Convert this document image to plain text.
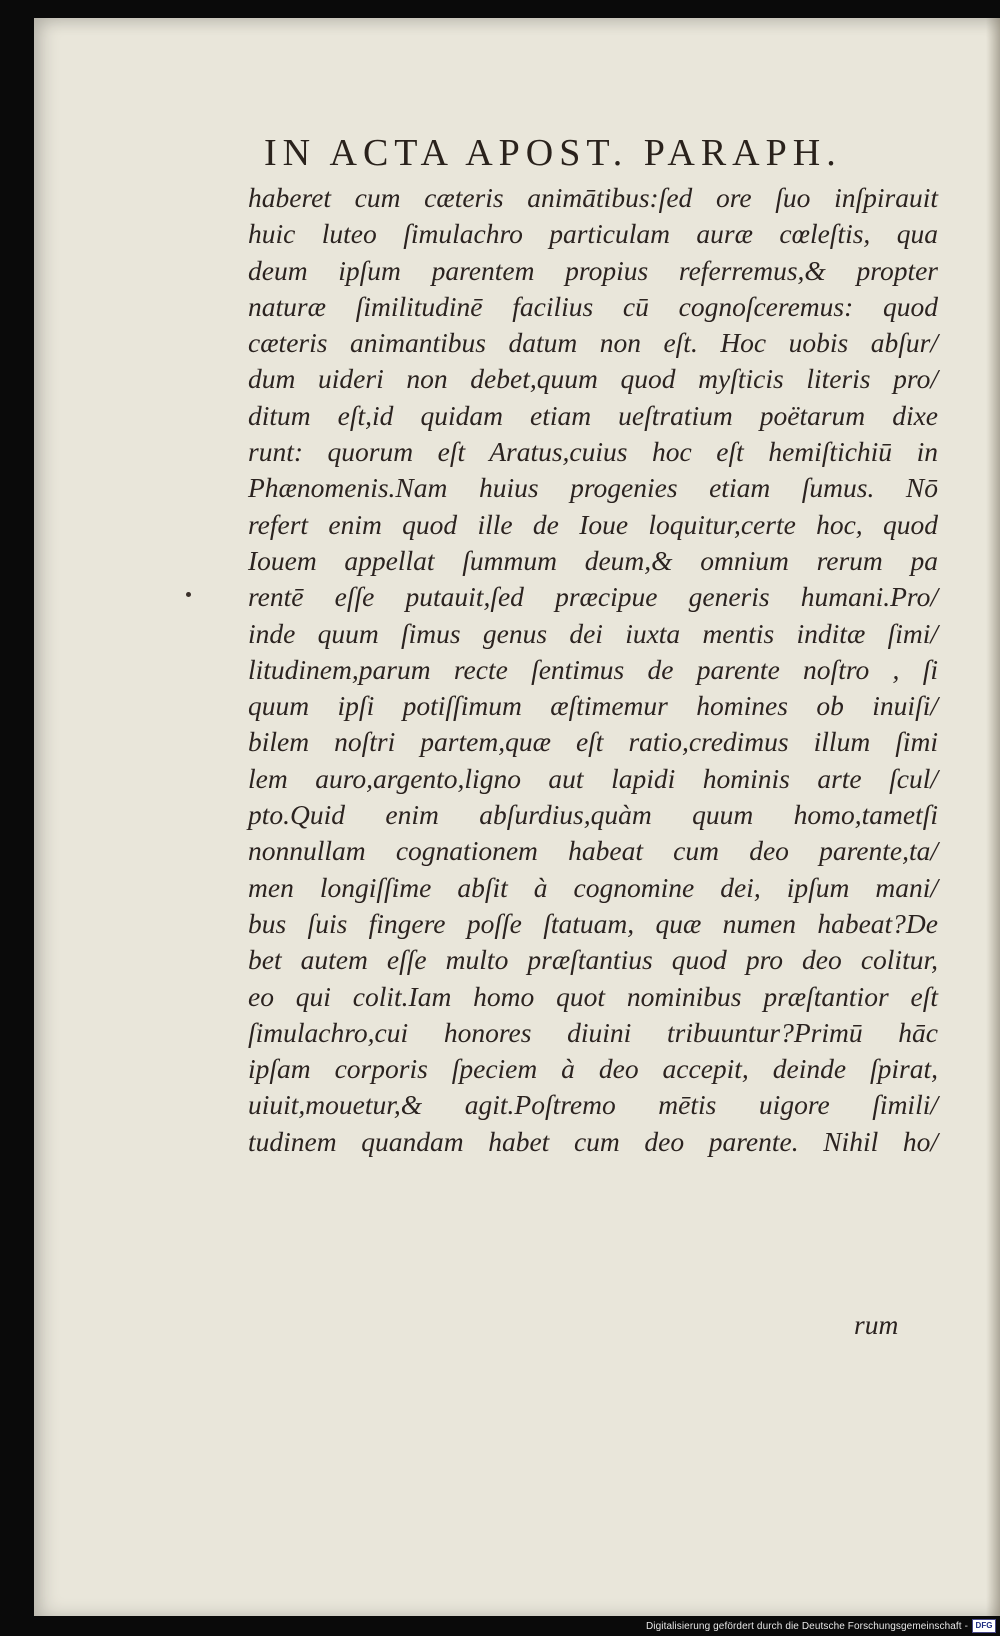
IN ACTA APOST. PARAPH.
haberet cum cæteris animātibus:ſed ore ſuo inſpirauit
huic luteo ſimulachro particulam auræ cœleſtis, qua
deum ipſum parentem propius referremus,& propter
naturæ ſimilitudinē facilius cū cognoſceremus: quod
cæteris animantibus datum non eſt. Hoc uobis abſur/
dum uideri non debet,quum quod myſticis literis pro/
ditum eſt,id quidam etiam ueſtratium poëtarum dixe
runt: quorum eſt Aratus,cuius hoc eſt hemiſtichiū in
Phænomenis.Nam huius progenies etiam ſumus. Nō
refert enim quod ille de Ioue loquitur,certe hoc, quod
Iouem appellat ſummum deum,& omnium rerum pa
rentē eſſe putauit,ſed præcipue generis humani.Pro/
inde quum ſimus genus dei iuxta mentis inditæ ſimi/
litudinem,parum recte ſentimus de parente noſtro , ſi
quum ipſi potiſſimum æſtimemur homines ob inuiſi/
bilem noſtri partem,quæ eſt ratio,credimus illum ſimi
lem auro,argento,ligno aut lapidi hominis arte ſcul/
pto.Quid enim abſurdius,quàm quum homo,tametſi
nonnullam cognationem habeat cum deo parente,ta/
men longiſſime abſit à cognomine dei, ipſum mani/
bus ſuis fingere poſſe ſtatuam, quæ numen habeat?De
bet autem eſſe multo præſtantius quod pro deo colitur,
eo qui colit.Iam homo quot nominibus præſtantior eſt
ſimulachro,cui honores diuini tribuuntur?Primū hāc
ipſam corporis ſpeciem à deo accepit, deinde ſpirat,
uiuit,mouetur,& agit.Poſtremo mētis uigore ſimili/
tudinem quandam habet cum deo parente. Nihil ho/

rum

Digitalisierung gefördert durch die Deutsche Forschungsgemeinschaft - DFG
